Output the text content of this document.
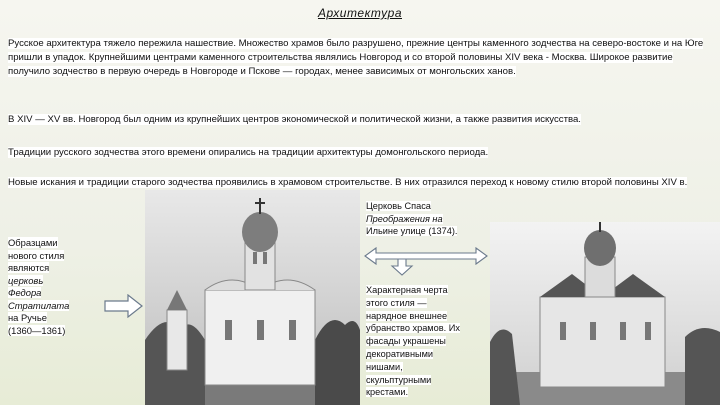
Архитектура

Русское архитектура тяжело пережила нашествие. Множество храмов было разрушено, прежние центры каменного зодчества на северо-востоке и на Юге пришли в упадок. Крупнейшими центрами каменного строительства являлись Новгород и со второй половины XIV века - Москва. Широкое развитие получило зодчество в первую очередь в Новгороде и Пскове — городах, менее зависимых от монгольских ханов.

В XIV — XV вв. Новгород был одним из крупнейших центров экономической и политической жизни, а также развития искусства.

Традиции русского зодчества этого времени опирались на традиции архитектуры домонгольского периода.

Новые искания и традиции старого зодчества проявились в храмовом строительстве. В них отразился переход к новому стилю второй половины XIV в.

Образцами
нового стиля
являются
церковь
Федора
Стратилата
на Ручье
(1360—1361)
Церковь Спаса
Преображения на
Ильине улице (1374).
Характерная черта
этого стиля —
нарядное внешнее
убранство храмов. Их
фасады украшены
декоративными
нишами,
скульптурными
крестами.
